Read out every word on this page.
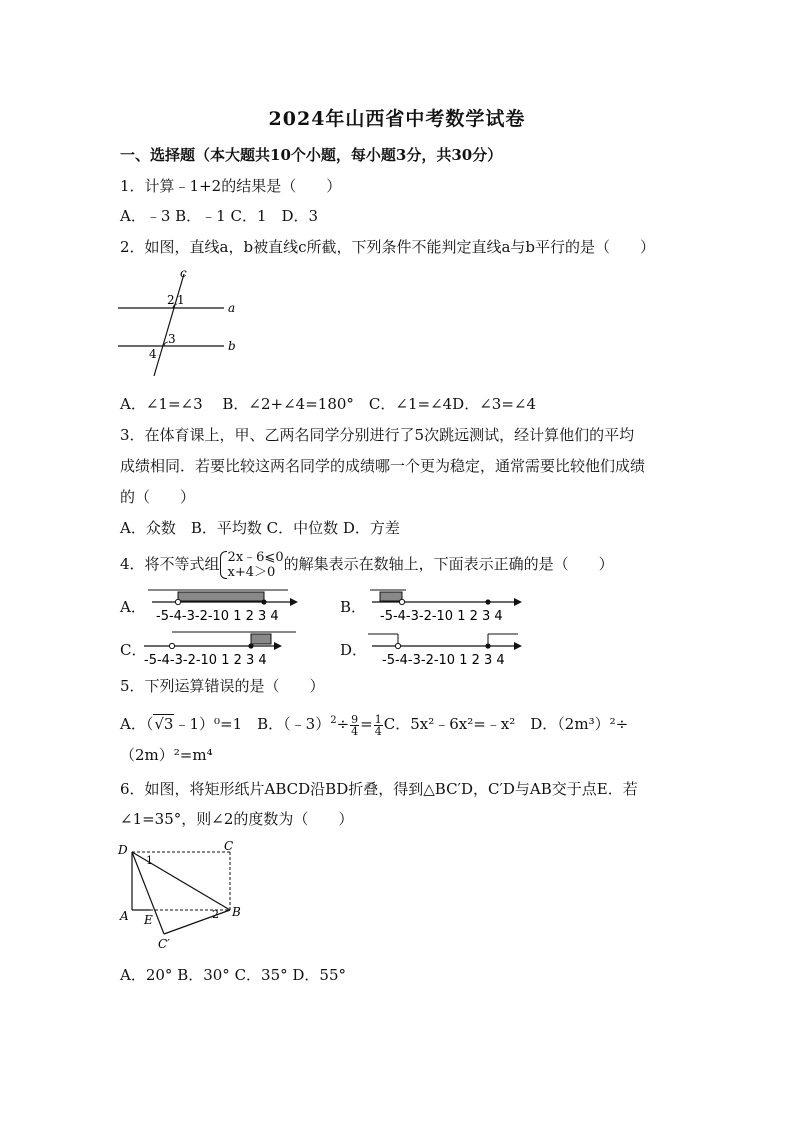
2024年山西省中考数学试卷
一、选择题（本大题共10个小题，每小题3分，共30分）
1．计算﹣1+2的结果是（　　）
A．﹣3 B．﹣1 C．1　D．3
2．如图，直线a，b被直线c所截，下列条件不能判定直线a与b平行的是（　　）
c
a
b
2 1
3
4
A．∠1=∠3　 B．∠2+∠4=180°　C．∠1=∠4D．∠3=∠4
3．在体育课上，甲、乙两名同学分别进行了5次跳远测试，经计算他们的平均
成绩相同．若要比较这两名同学的成绩哪一个更为稳定，通常需要比较他们成绩
的（　　）
A．众数　B．平均数 C．中位数 D．方差
4．将不等式组 2x﹣6⩽0
x+4＞0 的解集表示在数轴上，下面表示正确的是（　　）
A．
-5-4-3-2-10 1 2 3 4
B．
-5-4-3-2-10 1 2 3 4
C．
-5-4-3-2-10 1 2 3 4
D．
-5-4-3-2-10 1 2 3 4
5．下列运算错误的是（　　）
A．（√3﹣1）⁰=1　B．（﹣3）$^2$÷ $\frac{9}{4} = \frac{1}{4}$ C．5x²﹣6x²=﹣x²　D．（2m³）²÷
（2m）²=m⁴
6．如图，将矩形纸片ABCD沿BD折叠，得到△BC′D，C′D与AB交于点E．若
∠1=35°，则∠2的度数为（　　）
D	C
A E
B
C′
1
2
A．20° B．30° C．35° D．55°
